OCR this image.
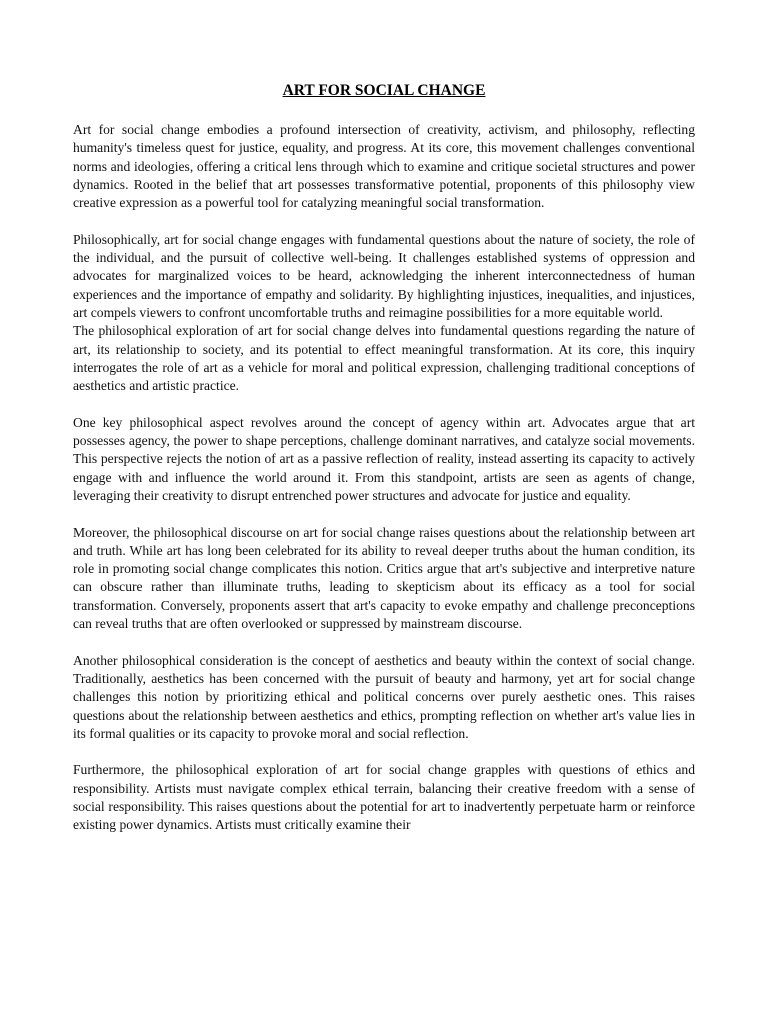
ART FOR SOCIAL CHANGE

Art for social change embodies a profound intersection of creativity, activism, and philosophy, reflecting humanity's timeless quest for justice, equality, and progress. At its core, this movement challenges conventional norms and ideologies, offering a critical lens through which to examine and critique societal structures and power dynamics. Rooted in the belief that art possesses transformative potential, proponents of this philosophy view creative expression as a powerful tool for catalyzing meaningful social transformation.

Philosophically, art for social change engages with fundamental questions about the nature of society, the role of the individual, and the pursuit of collective well-being. It challenges established systems of oppression and advocates for marginalized voices to be heard, acknowledging the inherent interconnectedness of human experiences and the importance of empathy and solidarity. By highlighting injustices, inequalities, and injustices, art compels viewers to confront uncomfortable truths and reimagine possibilities for a more equitable world.

The philosophical exploration of art for social change delves into fundamental questions regarding the nature of art, its relationship to society, and its potential to effect meaningful transformation. At its core, this inquiry interrogates the role of art as a vehicle for moral and political expression, challenging traditional conceptions of aesthetics and artistic practice.

One key philosophical aspect revolves around the concept of agency within art. Advocates argue that art possesses agency, the power to shape perceptions, challenge dominant narratives, and catalyze social movements. This perspective rejects the notion of art as a passive reflection of reality, instead asserting its capacity to actively engage with and influence the world around it. From this standpoint, artists are seen as agents of change, leveraging their creativity to disrupt entrenched power structures and advocate for justice and equality.

Moreover, the philosophical discourse on art for social change raises questions about the relationship between art and truth. While art has long been celebrated for its ability to reveal deeper truths about the human condition, its role in promoting social change complicates this notion. Critics argue that art's subjective and interpretive nature can obscure rather than illuminate truths, leading to skepticism about its efficacy as a tool for social transformation. Conversely, proponents assert that art's capacity to evoke empathy and challenge preconceptions can reveal truths that are often overlooked or suppressed by mainstream discourse.

Another philosophical consideration is the concept of aesthetics and beauty within the context of social change. Traditionally, aesthetics has been concerned with the pursuit of beauty and harmony, yet art for social change challenges this notion by prioritizing ethical and political concerns over purely aesthetic ones. This raises questions about the relationship between aesthetics and ethics, prompting reflection on whether art's value lies in its formal qualities or its capacity to provoke moral and social reflection.

Furthermore, the philosophical exploration of art for social change grapples with questions of ethics and responsibility. Artists must navigate complex ethical terrain, balancing their creative freedom with a sense of social responsibility. This raises questions about the potential for art to inadvertently perpetuate harm or reinforce existing power dynamics. Artists must critically examine their
